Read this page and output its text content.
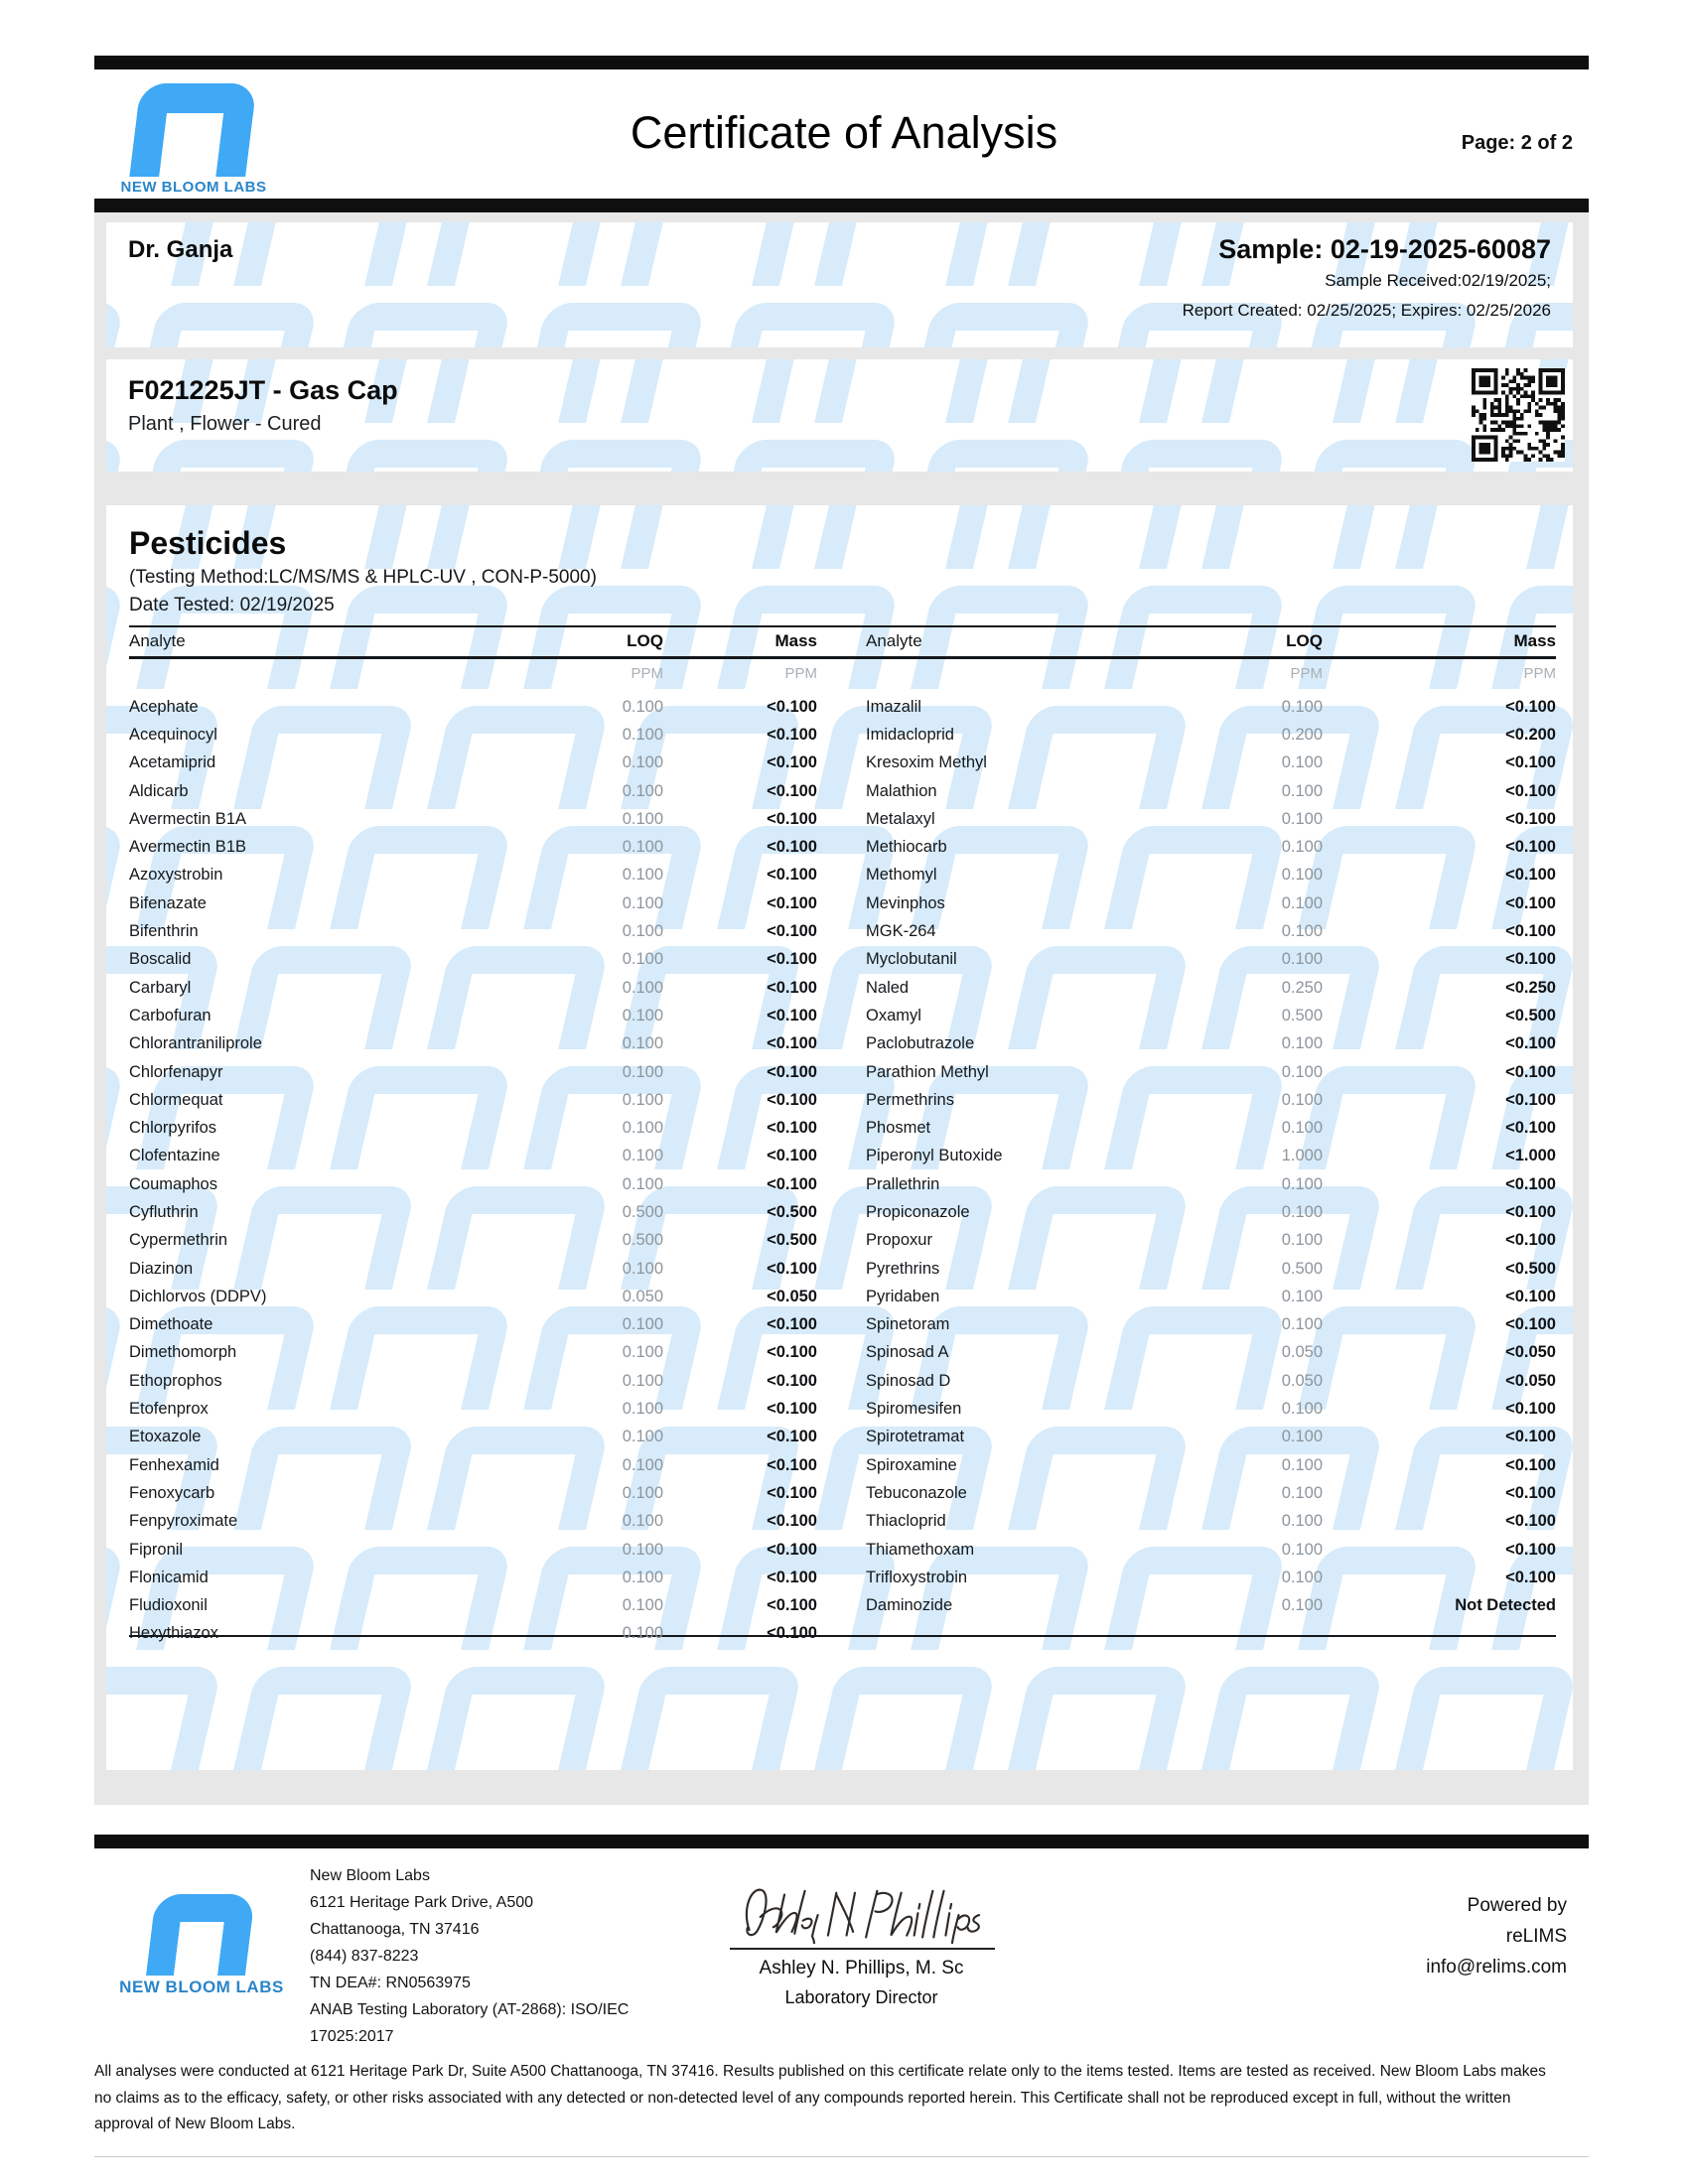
NEW BLOOM LABS
Certificate of Analysis	Page: 2 of 2
Dr. Ganja	Sample: 02-19-2025-60087
Sample Received:02/19/2025;
Report Created: 02/25/2025; Expires: 02/25/2026
F021225JT - Gas Cap
Plant , Flower - Cured
Pesticides
(Testing Method:LC/MS/MS & HPLC-UV , CON-P-5000)
Date Tested: 02/19/2025
Analyte	LOQ	Mass
PPM	PPM
Acephate	0.100	<0.100
Acequinocyl	0.100	<0.100
Acetamiprid	0.100	<0.100
Aldicarb	0.100	<0.100
Avermectin B1A	0.100	<0.100
Avermectin B1B	0.100	<0.100
Azoxystrobin	0.100	<0.100
Bifenazate	0.100	<0.100
Bifenthrin	0.100	<0.100
Boscalid	0.100	<0.100
Carbaryl	0.100	<0.100
Carbofuran	0.100	<0.100
Chlorantraniliprole	0.100	<0.100
Chlorfenapyr	0.100	<0.100
Chlormequat	0.100	<0.100
Chlorpyrifos	0.100	<0.100
Clofentazine	0.100	<0.100
Coumaphos	0.100	<0.100
Cyfluthrin	0.500	<0.500
Cypermethrin	0.500	<0.500
Diazinon	0.100	<0.100
Dichlorvos (DDPV)	0.050	<0.050
Dimethoate	0.100	<0.100
Dimethomorph	0.100	<0.100
Ethoprophos	0.100	<0.100
Etofenprox	0.100	<0.100
Etoxazole	0.100	<0.100
Fenhexamid	0.100	<0.100
Fenoxycarb	0.100	<0.100
Fenpyroximate	0.100	<0.100
Fipronil	0.100	<0.100
Flonicamid	0.100	<0.100
Fludioxonil	0.100	<0.100
Hexythiazox	0.100	<0.100
Analyte	LOQ	Mass
PPM	PPM
Imazalil	0.100	<0.100
Imidacloprid	0.200	<0.200
Kresoxim Methyl	0.100	<0.100
Malathion	0.100	<0.100
Metalaxyl	0.100	<0.100
Methiocarb	0.100	<0.100
Methomyl	0.100	<0.100
Mevinphos	0.100	<0.100
MGK-264	0.100	<0.100
Myclobutanil	0.100	<0.100
Naled	0.250	<0.250
Oxamyl	0.500	<0.500
Paclobutrazole	0.100	<0.100
Parathion Methyl	0.100	<0.100
Permethrins	0.100	<0.100
Phosmet	0.100	<0.100
Piperonyl Butoxide	1.000	<1.000
Prallethrin	0.100	<0.100
Propiconazole	0.100	<0.100
Propoxur	0.100	<0.100
Pyrethrins	0.500	<0.500
Pyridaben	0.100	<0.100
Spinetoram	0.100	<0.100
Spinosad A	0.050	<0.050
Spinosad D	0.050	<0.050
Spiromesifen	0.100	<0.100
Spirotetramat	0.100	<0.100
Spiroxamine	0.100	<0.100
Tebuconazole	0.100	<0.100
Thiacloprid	0.100	<0.100
Thiamethoxam	0.100	<0.100
Trifloxystrobin	0.100	<0.100
Daminozide	0.100	Not Detected
NEW BLOOM LABS
New Bloom Labs
6121 Heritage Park Drive, A500
Chattanooga, TN 37416
(844) 837-8223
TN DEA#: RN0563975
ANAB Testing Laboratory (AT-2868): ISO/IEC
17025:2017
Ashley N. Phillips, M. Sc
Laboratory Director
Powered by
reLIMS
info@relims.com
All analyses were conducted at 6121 Heritage Park Dr, Suite A500 Chattanooga, TN 37416. Results published on this certificate relate only to the items tested. Items are tested as received. New Bloom Labs makes no claims as to the efficacy, safety, or other risks associated with any detected or non-detected level of any compounds reported herein. This Certificate shall not be reproduced except in full, without the written approval of New Bloom Labs.
